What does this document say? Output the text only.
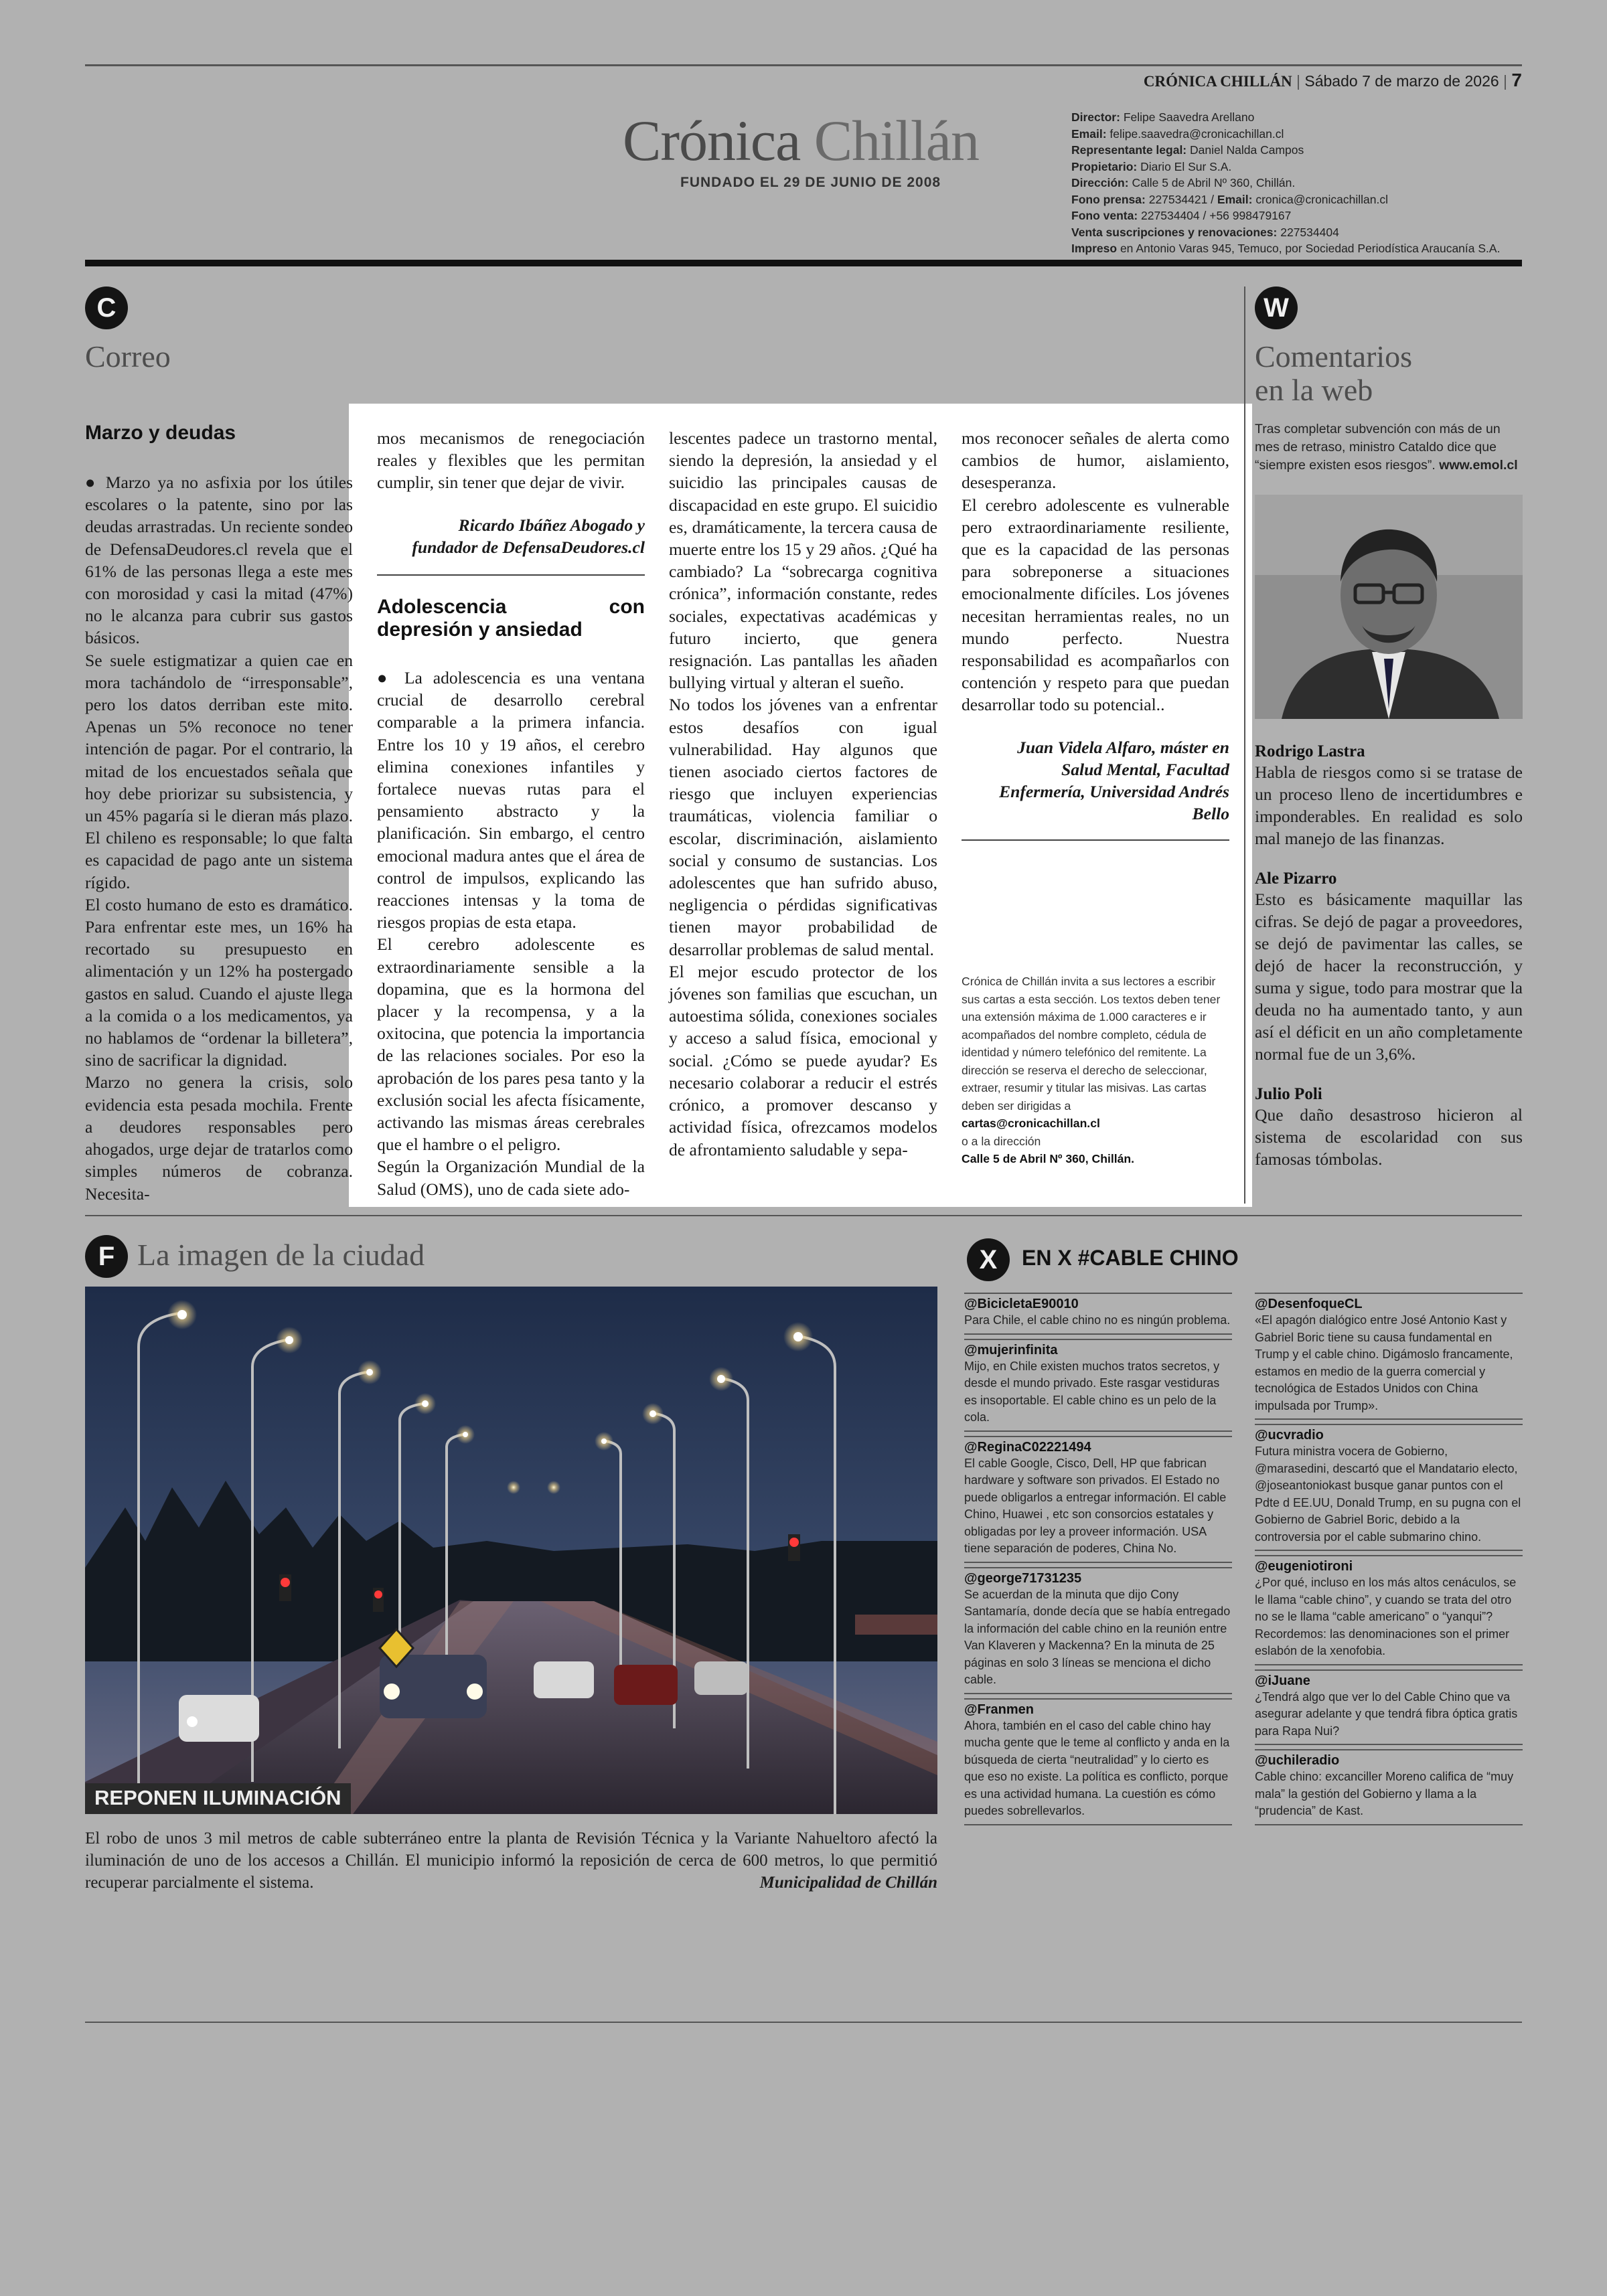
CRÓNICA CHILLÁN | Sábado 7 de marzo de 2026 | 7
Crónica Chillán
FUNDADO EL 29 DE JUNIO DE 2008
Director: Felipe Saavedra Arellano
Email: felipe.saavedra@cronicachillan.cl
Representante legal: Daniel Nalda Campos
Propietario: Diario El Sur S.A.
Dirección: Calle 5 de Abril Nº 360, Chillán.
Fono prensa: 227534421 / Email: cronica@cronicachillan.cl
Fono venta: 227534404 / +56 998479167
Venta suscripciones y renovaciones: 227534404
Impreso en Antonio Varas 945, Temuco, por Sociedad Periodística Araucanía S.A.
C
Correo
Marzo y deudas

● Marzo ya no asfixia por los útiles escolares o la patente, sino por las deudas arrastradas. Un reciente sondeo de DefensaDeudores.cl revela que el 61% de las personas llega a este mes con morosidad y casi la mitad (47%) no le alcanza para cubrir sus gastos básicos.

Se suele estigmatizar a quien cae en mora tachándolo de “irresponsable”, pero los datos derriban este mito. Apenas un 5% reconoce no tener intención de pagar. Por el contrario, la mitad de los encuestados señala que hoy debe priorizar su subsistencia, y un 45% pagaría si le dieran más plazo. El chileno es responsable; lo que falta es capacidad de pago ante un sistema rígido.

El costo humano de esto es dramático. Para enfrentar este mes, un 16% ha recortado su presupuesto en alimentación y un 12% ha postergado gastos en salud. Cuando el ajuste llega a la comida o a los medicamentos, ya no hablamos de “ordenar la billetera”, sino de sacrificar la dignidad.

Marzo no genera la crisis, solo evidencia esta pesada mochila. Frente a deudores responsables pero ahogados, urge dejar de tratarlos como simples números de cobranza. Necesita-

mos mecanismos de renegociación reales y flexibles que les permitan cumplir, sin tener que dejar de vivir.

Ricardo Ibáñez Abogado y fundador de DefensaDeudores.cl

Adolescencia con depresión y ansiedad

● La adolescencia es una ventana crucial de desarrollo cerebral comparable a la primera infancia. Entre los 10 y 19 años, el cerebro elimina conexiones infantiles y fortalece nuevas rutas para el pensamiento abstracto y la planificación. Sin embargo, el centro emocional madura antes que el área de control de impulsos, explicando las reacciones intensas y la toma de riesgos propias de esta etapa.

El cerebro adolescente es extraordinariamente sensible a la dopamina, que es la hormona del placer y la recompensa, y a la oxitocina, que potencia la importancia de las relaciones sociales. Por eso la aprobación de los pares pesa tanto y la exclusión social les afecta físicamente, activando las mismas áreas cerebrales que el hambre o el peligro.

Según la Organización Mundial de la Salud (OMS), uno de cada siete ado-

lescentes padece un trastorno mental, siendo la depresión, la ansiedad y el suicidio las principales causas de discapacidad en este grupo. El suicidio es, dramáticamente, la tercera causa de muerte entre los 15 y 29 años. ¿Qué ha cambiado? La “sobrecarga cognitiva crónica”, información constante, redes sociales, expectativas académicas y futuro incierto, que genera resignación. Las pantallas les añaden bullying virtual y alteran el sueño.

No todos los jóvenes van a enfrentar estos desafíos con igual vulnerabilidad. Hay algunos que tienen asociado ciertos factores de riesgo que incluyen experiencias traumáticas, violencia familiar o escolar, discriminación, aislamiento social y consumo de sustancias. Los adolescentes que han sufrido abuso, negligencia o pérdidas significativas tienen mayor probabilidad de desarrollar problemas de salud mental.

El mejor escudo protector de los jóvenes son familias que escuchan, un autoestima sólida, conexiones sociales y acceso a salud física, emocional y social. ¿Cómo se puede ayudar? Es necesario colaborar a reducir el estrés crónico, a promover descanso y actividad física, ofrezcamos modelos de afrontamiento saludable y sepa-

mos reconocer señales de alerta como cambios de humor, aislamiento, desesperanza.

El cerebro adolescente es vulnerable pero extraordinariamente resiliente, que es la capacidad de las personas para sobreponerse a situaciones emocionalmente difíciles. Los jóvenes necesitan herramientas reales, no un mundo perfecto. Nuestra responsabilidad es acompañarlos con contención y respeto para que puedan desarrollar todo su potencial..

Juan Videla Alfaro, máster en Salud Mental, Facultad Enfermería, Universidad Andrés Bello

Crónica de Chillán invita a sus lectores a escribir sus cartas a esta sección. Los textos deben tener una extensión máxima de 1.000 caracteres e ir acompañados del nombre completo, cédula de identidad y número telefónico del remitente. La dirección se reserva el derecho de seleccionar, extraer, resumir y titular las misivas. Las cartas deben ser dirigidas a
cartas@cronicachillan.cl
o a la dirección
Calle 5 de Abril Nº 360, Chillán.
W
Comentarios
en la web
Tras completar subvención con más de un mes de retraso, ministro Cataldo dice que “siempre existen esos riesgos”. www.emol.cl
Rodrigo Lastra
Habla de riesgos como si se tratase de un proceso lleno de incertidumbres e imponderables. En realidad es solo mal manejo de las finanzas.
Ale Pizarro
Esto es básicamente maquillar las cifras. Se dejó de pagar a proveedores, se dejó de pavimentar las calles, se dejó de hacer la reconstrucción, y suma y sigue, todo para mostrar que la deuda no ha aumentado tanto, y aun así el déficit en un año completamente normal fue de un 3,6%.
Julio Poli
Que daño desastroso hicieron al sistema de escolaridad con sus famosas tómbolas.
F La imagen de la ciudad
REPONEN ILUMINACIÓN
El robo de unos 3 mil metros de cable subterráneo entre la planta de Revisión Técnica y la Variante Nahueltoro afectó la iluminación de uno de los accesos a Chillán. El municipio informó la reposición de cerca de 600 metros, lo que permitió recuperar parcialmente el sistema.	Municipalidad de Chillán
X	EN X #CABLE CHINO
@BicicletaE90010
Para Chile, el cable chino no es ningún problema.
@mujerinfinita
Mijo, en Chile existen muchos tratos secretos, y desde el mundo privado. Este rasgar vestiduras es insoportable. El cable chino es un pelo de la cola.
@ReginaC02221494
El cable Google, Cisco, Dell, HP que fabrican hardware y software son privados. El Estado no puede obligarlos a entregar información. El cable Chino, Huawei , etc son consorcios estatales y obligadas por ley a proveer información. USA tiene separación de poderes, China No.
@george71731235
Se acuerdan de la minuta que dijo Cony Santamaría, donde decía que se había entregado la información del cable chino en la reunión entre Van Klaveren y Mackenna? En la minuta de 25 páginas en solo 3 líneas se menciona el dicho cable.
@Franmen
Ahora, también en el caso del cable chino hay mucha gente que le teme al conflicto y anda en la búsqueda de cierta “neutralidad” y lo cierto es que eso no existe. La política es conflicto, porque es una actividad humana. La cuestión es cómo puedes sobrellevarlos.
@DesenfoqueCL
«El apagón dialógico entre José Antonio Kast y Gabriel Boric tiene su causa fundamental en Trump y el cable chino. Digámoslo francamente, estamos en medio de la guerra comercial y tecnológica de Estados Unidos con China impulsada por Trump».
@ucvradio
Futura ministra vocera de Gobierno, @marasedini, descartó que el Mandatario electo, @joseantoniokast busque ganar puntos con el Pdte d EE.UU, Donald Trump, en su pugna con el Gobierno de Gabriel Boric, debido a la controversia por el cable submarino chino.
@eugeniotironi
¿Por qué, incluso en los más altos cenáculos, se le llama “cable chino”, y cuando se trata del otro no se le llama “cable americano” o “yanqui”? Recordemos: las denominaciones son el primer eslabón de la xenofobia.
@iJuane
¿Tendrá algo que ver lo del Cable Chino que va asegurar adelante y que tendrá fibra óptica gratis para Rapa Nui?
@uchileradio
Cable chino: excanciller Moreno califica de “muy mala” la gestión del Gobierno y llama a la “prudencia” de Kast.
